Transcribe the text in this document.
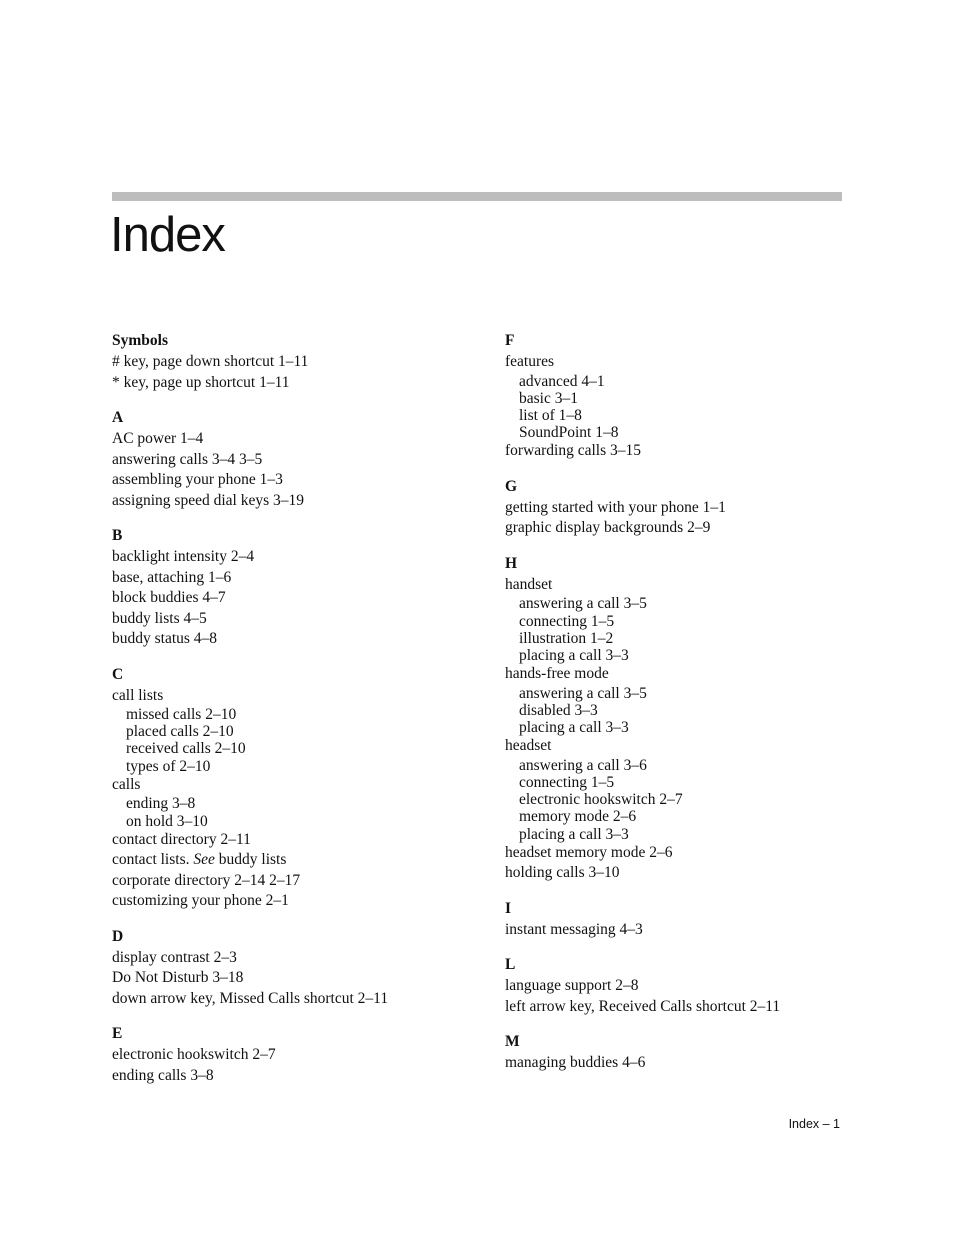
Index
Symbols
# key, page down shortcut 1–11
* key, page up shortcut 1–11
A
AC power 1–4
answering calls 3–4 3–5
assembling your phone 1–3
assigning speed dial keys 3–19
B
backlight intensity 2–4
base, attaching 1–6
block buddies 4–7
buddy lists 4–5
buddy status 4–8
C
call lists
missed calls 2–10
placed calls 2–10
received calls 2–10
types of 2–10
calls
ending 3–8
on hold 3–10
contact directory 2–11
contact lists. See buddy lists
corporate directory 2–14 2–17
customizing your phone 2–1
D
display contrast 2–3
Do Not Disturb 3–18
down arrow key, Missed Calls shortcut 2–11
E
electronic hookswitch 2–7
ending calls 3–8
F
features
advanced 4–1
basic 3–1
list of 1–8
SoundPoint 1–8
forwarding calls 3–15
G
getting started with your phone 1–1
graphic display backgrounds 2–9
H
handset
answering a call 3–5
connecting 1–5
illustration 1–2
placing a call 3–3
hands-free mode
answering a call 3–5
disabled 3–3
placing a call 3–3
headset
answering a call 3–6
connecting 1–5
electronic hookswitch 2–7
memory mode 2–6
placing a call 3–3
headset memory mode 2–6
holding calls 3–10
I
instant messaging 4–3
L
language support 2–8
left arrow key, Received Calls shortcut 2–11
M
managing buddies 4–6
Index – 1
